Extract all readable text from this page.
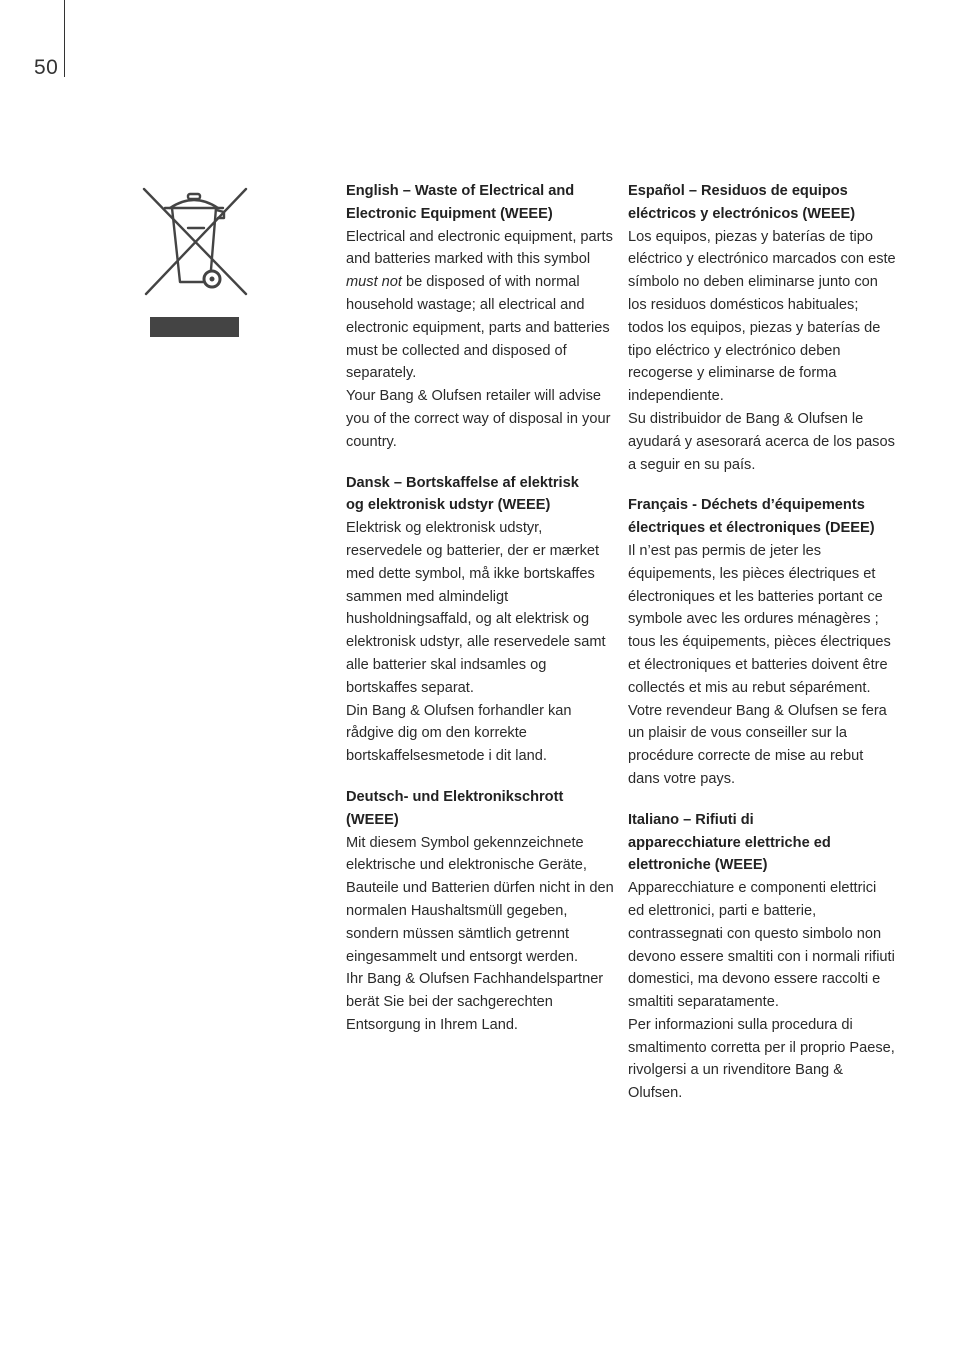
50
English – Waste of Electrical and
Electronic Equipment (WEEE)

Electrical and electronic equipment, parts and batteries marked with this symbol must not be disposed of with normal household wastage; all electrical and electronic equipment, parts and batteries must be collected and disposed of separately.

Your Bang & Olufsen retailer will advise you of the correct way of disposal in your country.

Dansk – Bortskaffelse af elektrisk
og elektronisk udstyr (WEEE)

Elektrisk og elektronisk udstyr, reservedele og batterier, der er mærket med dette symbol, må ikke bortskaffes sammen med almindeligt husholdningsaffald, og alt elektrisk og elektronisk udstyr, alle reservedele samt alle batterier skal indsamles og bortskaffes separat.

Din Bang & Olufsen forhandler kan rådgive dig om den korrekte bortskaffelsesmetode i dit land.

Deutsch- und Elektronikschrott
(WEEE)

Mit diesem Symbol gekennzeichnete elektrische und elektronische Geräte, Bauteile und Batterien dürfen nicht in den normalen Haushaltsmüll gegeben, sondern müssen sämtlich getrennt eingesammelt und entsorgt werden.

Ihr Bang & Olufsen Fachhandelspartner berät Sie bei der sachgerechten Entsorgung in Ihrem Land.

Español – Residuos de equipos
eléctricos y electrónicos (WEEE)

Los equipos, piezas y baterías de tipo eléctrico y electrónico marcados con este símbolo no deben eliminarse junto con los residuos domésticos habituales; todos los equipos, piezas y baterías de tipo eléctrico y electrónico deben recogerse y eliminarse de forma independiente.

Su distribuidor de Bang & Olufsen le ayudará y asesorará acerca de los pasos a seguir en su país.

Français - Déchets d’équipements
électriques et électroniques (DEEE)

Il n’est pas permis de jeter les équipements, les pièces électriques et électroniques et les batteries portant ce symbole avec les ordures ménagères ; tous les équipements, pièces électriques et électroniques et batteries doivent être collectés et mis au rebut séparément.

Votre revendeur Bang & Olufsen se fera un plaisir de vous conseiller sur la procédure correcte de mise au rebut dans votre pays.

Italiano – Rifiuti di
apparecchiature elettriche ed
elettroniche (WEEE)

Apparecchiature e componenti elettrici ed elettronici, parti e batterie, contrassegnati con questo simbolo non devono essere smaltiti con i normali rifiuti domestici, ma devono essere raccolti e smaltiti separatamente.

Per informazioni sulla procedura di smaltimento corretta per il proprio Paese, rivolgersi a un rivenditore Bang & Olufsen.
